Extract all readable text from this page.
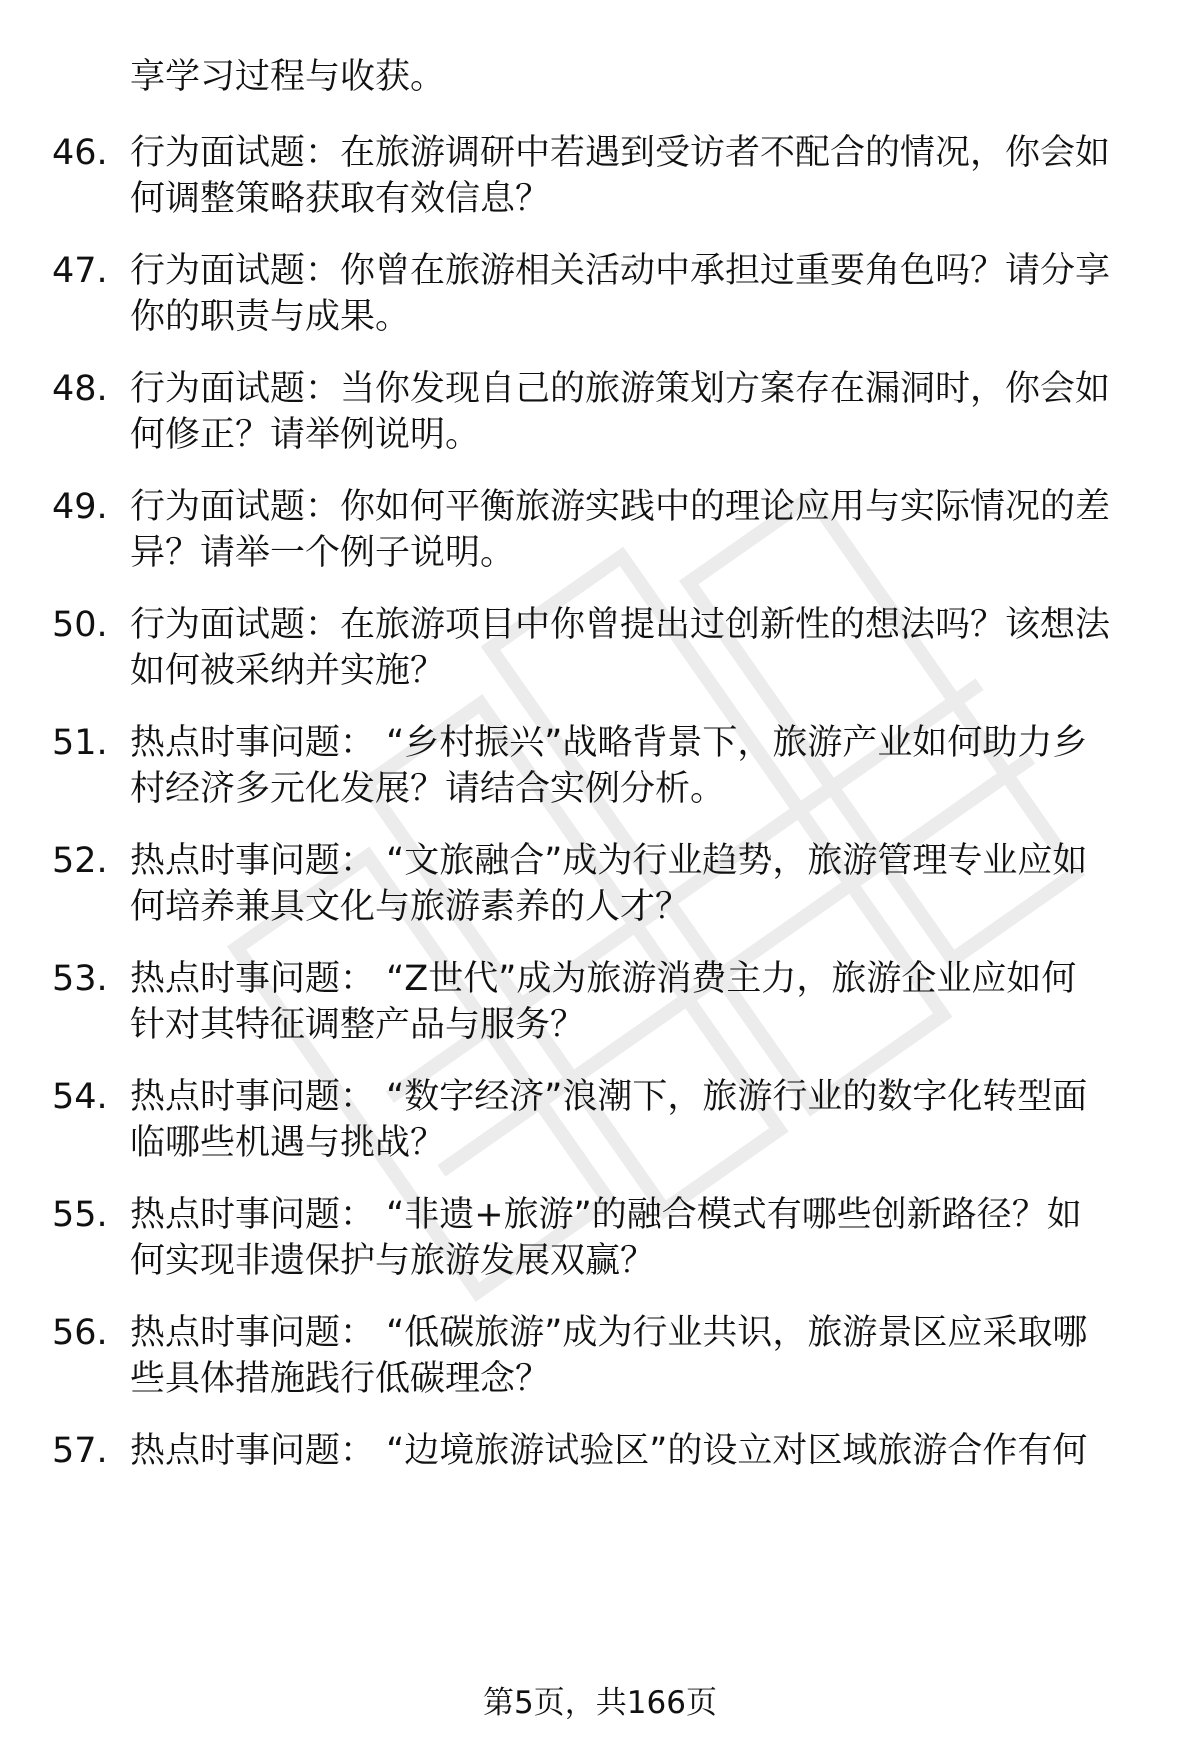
享学习过程与收获。
46. 行为面试题：在旅游调研中若遇到受访者不配合的情况，你会如
何调整策略获取有效信息？
47. 行为面试题：你曾在旅游相关活动中承担过重要角色吗？请分享
你的职责与成果。
48. 行为面试题：当你发现自己的旅游策划方案存在漏洞时，你会如
何修正？请举例说明。
49. 行为面试题：你如何平衡旅游实践中的理论应用与实际情况的差
异？请举一个例子说明。
50. 行为面试题：在旅游项目中你曾提出过创新性的想法吗？该想法
如何被采纳并实施？
51. 热点时事问题： “乡村振兴”战略背景下，旅游产业如何助力乡
村经济多元化发展？请结合实例分析。
52. 热点时事问题： “文旅融合”成为行业趋势，旅游管理专业应如
何培养兼具文化与旅游素养的人才？
53. 热点时事问题： “Z世代”成为旅游消费主力，旅游企业应如何
针对其特征调整产品与服务？
54. 热点时事问题： “数字经济”浪潮下，旅游行业的数字化转型面
临哪些机遇与挑战？
55. 热点时事问题： “非遗+旅游”的融合模式有哪些创新路径？如
何实现非遗保护与旅游发展双赢？
56. 热点时事问题： “低碳旅游”成为行业共识，旅游景区应采取哪
些具体措施践行低碳理念？
57. 热点时事问题： “边境旅游试验区”的设立对区域旅游合作有何
第5页，共166页
